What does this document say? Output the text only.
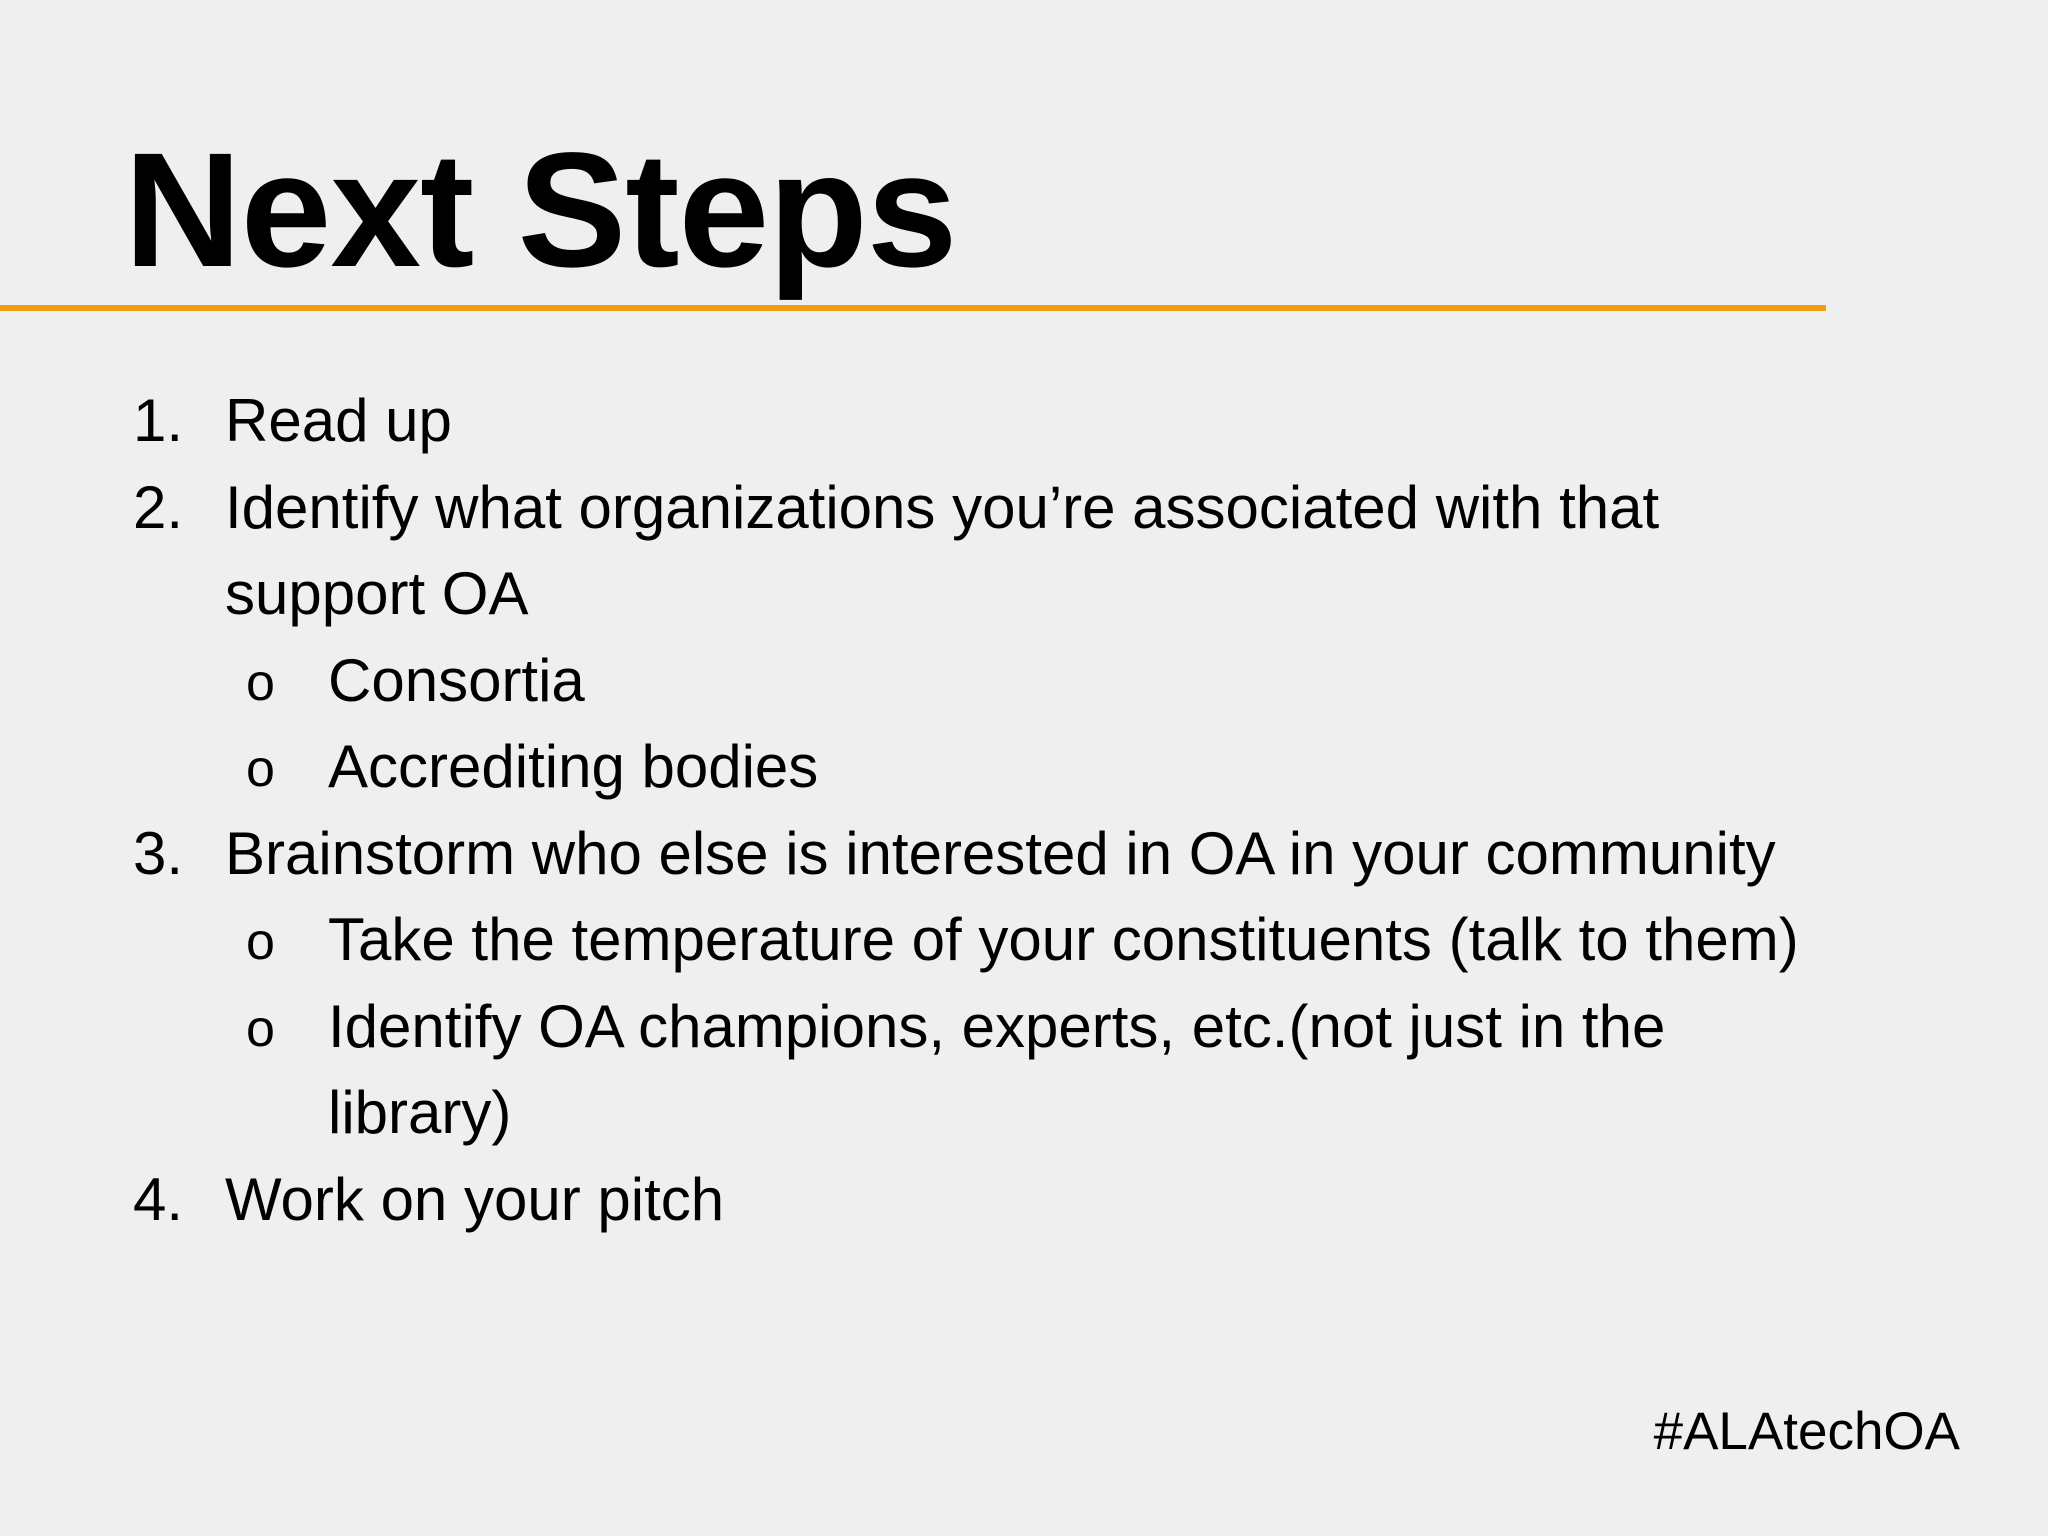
Next Steps
1. Read up
2. Identify what organizations you’re associated with that
support OA
o Consortia
o Accrediting bodies
3. Brainstorm who else is interested in OA in your community
o Take the temperature of your constituents (talk to them)
o Identify OA champions, experts, etc.(not just in the
library)
4. Work on your pitch
#ALAtechOA
